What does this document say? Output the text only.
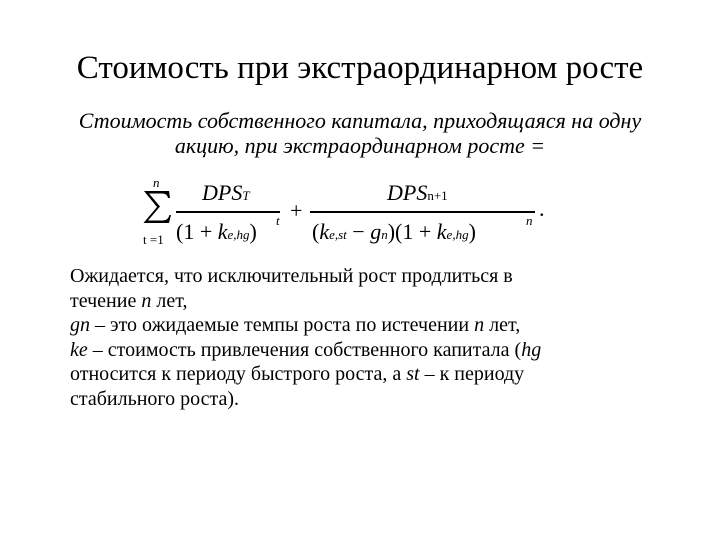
Стоимость при экстраординарном росте
Стоимость собственного капитала, приходящаяся на одну
акцию, при экстраординарном росте =
n
t =1
DPST
(1 + ke,hg) t +
DPSn+1
(ke,st − gn)(1 + ke,hg)	n .

Ожидается, что исключительный рост продлиться в

течение n лет,

gn – это ожидаемые темпы роста по истечении n лет,

ke – стоимость привлечения собственного капитала (hg

относится к периоду быстрого роста, а st – к периоду

стабильного роста).
